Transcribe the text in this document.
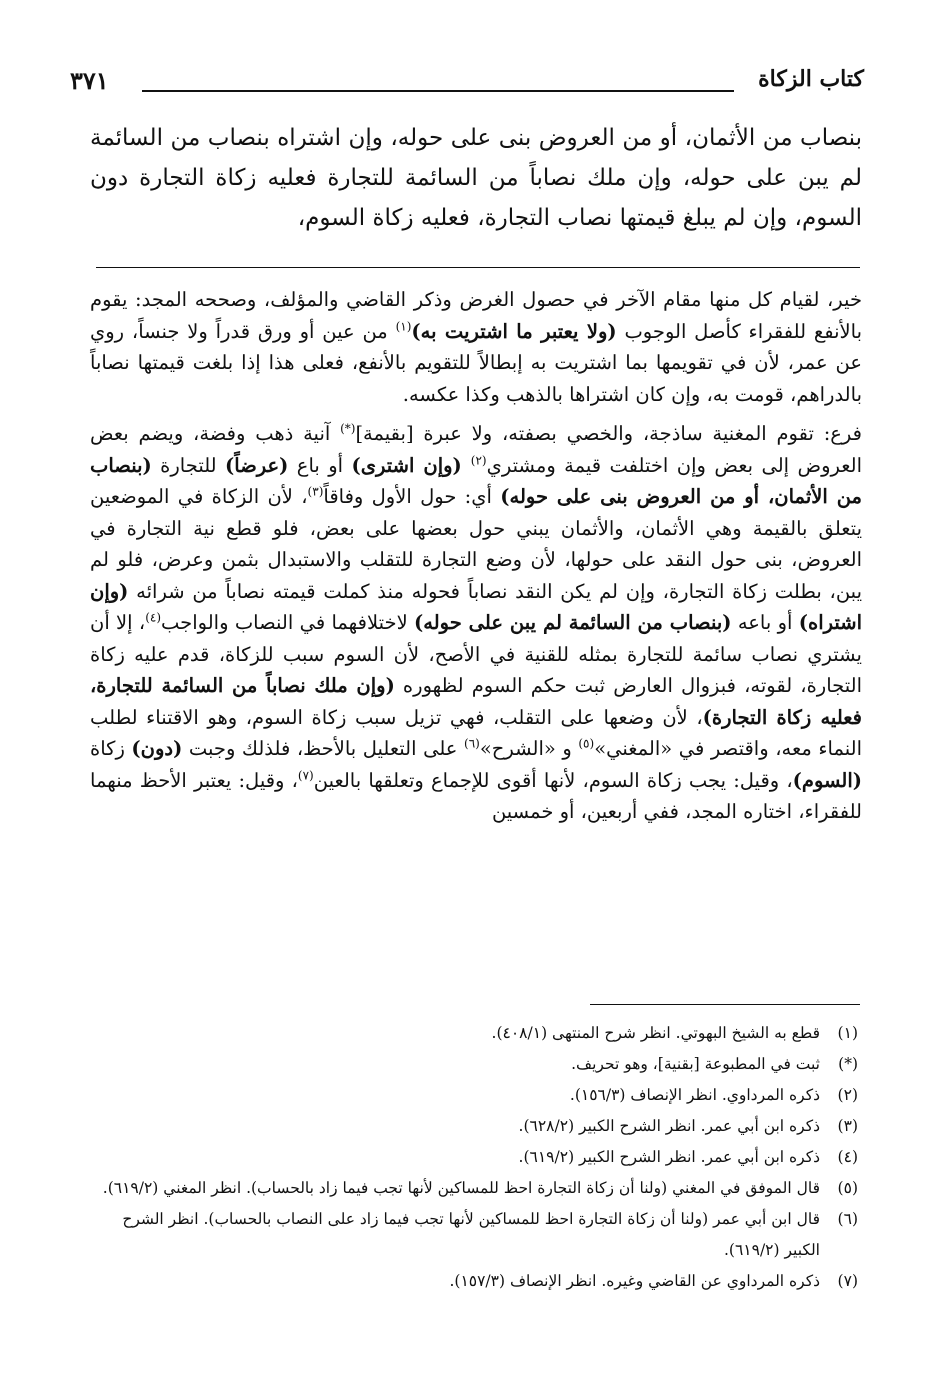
كتاب الزكاة
٣٧١

بنصاب من الأثمان، أو من العروض بنى على حوله، وإن اشتراه بنصاب من السائمة لم يبن على حوله، وإن ملك نصاباً من السائمة للتجارة فعليه زكاة التجارة دون السوم، وإن لم يبلغ قيمتها نصاب التجارة، فعليه زكاة السوم،

خير، لقيام كل منها مقام الآخر في حصول الغرض وذكر القاضي والمؤلف، وصححه المجد: يقوم بالأنفع للفقراء كأصل الوجوب (ولا يعتبر ما اشتريت به)$^{(١)}$ من عين أو ورق قدراً ولا جنساً، روي عن عمر، لأن في تقويمها بما اشتريت به إبطالاً للتقويم بالأنفع، فعلى هذا إذا بلغت قيمتها نصاباً بالدراهم، قومت به، وإن كان اشتراها بالذهب وكذا عكسه.

فرع: تقوم المغنية ساذجة، والخصي بصفته، ولا عبرة [بقيمة](*) آنية ذهب وفضة، ويضم بعض العروض إلى بعض وإن اختلفت قيمة ومشتري$^{(٢)}$ (وإن اشترى) أو باع (عرضاً) للتجارة (بنصاب من الأثمان، أو من العروض بنى على حوله) أي: حول الأول وفاقاً$^{(٣)}$، لأن الزكاة في الموضعين يتعلق بالقيمة وهي الأثمان، والأثمان يبني حول بعضها على بعض، فلو قطع نية التجارة في العروض، بنى حول النقد على حولها، لأن وضع التجارة للتقلب والاستبدال بثمن وعرض، فلو لم يبن، بطلت زكاة التجارة، وإن لم يكن النقد نصاباً فحوله منذ كملت قيمته نصاباً من شرائه (وإن اشتراه) أو باعه (بنصاب من السائمة لم يبن على حوله) لاختلافهما في النصاب والواجب$^{(٤)}$، إلا أن يشتري نصاب سائمة للتجارة بمثله للقنية في الأصح، لأن السوم سبب للزكاة، قدم عليه زكاة التجارة، لقوته، فبزوال العارض ثبت حكم السوم لظهوره (وإن ملك نصاباً من السائمة للتجارة، فعليه زكاة التجارة)، لأن وضعها على التقلب، فهي تزيل سبب زكاة السوم، وهو الاقتناء لطلب النماء معه، واقتصر في «المغني»$^{(٥)}$ و «الشرح»$^{(٦)}$ على التعليل بالأحظ، فلذلك وجبت (دون) زكاة (السوم)، وقيل: يجب زكاة السوم، لأنها أقوى للإجماع وتعلقها بالعين$^{(٧)}$، وقيل: يعتبر الأحظ منهما للفقراء، اختاره المجد، ففي أربعين، أو خمسين

(١)
قطع به الشيخ البهوتي. انظر شرح المنتهى (٤٠٨/١).
(*)
ثبت في المطبوعة [بقنية]، وهو تحريف.
(٢)
ذكره المرداوي. انظر الإنصاف (١٥٦/٣).
(٣)
ذكره ابن أبي عمر. انظر الشرح الكبير (٦٢٨/٢).
(٤)
ذكره ابن أبي عمر. انظر الشرح الكبير (٦١٩/٢).
(٥)
قال الموفق في المغني (ولنا أن زكاة التجارة احظ للمساكين لأنها تجب فيما زاد بالحساب). انظر المغني (٦١٩/٢).
(٦)
قال ابن أبي عمر (ولنا أن زكاة التجارة احظ للمساكين لأنها تجب فيما زاد على النصاب بالحساب). انظر الشرح الكبير (٦١٩/٢).
(٧)
ذكره المرداوي عن القاضي وغيره. انظر الإنصاف (١٥٧/٣).
